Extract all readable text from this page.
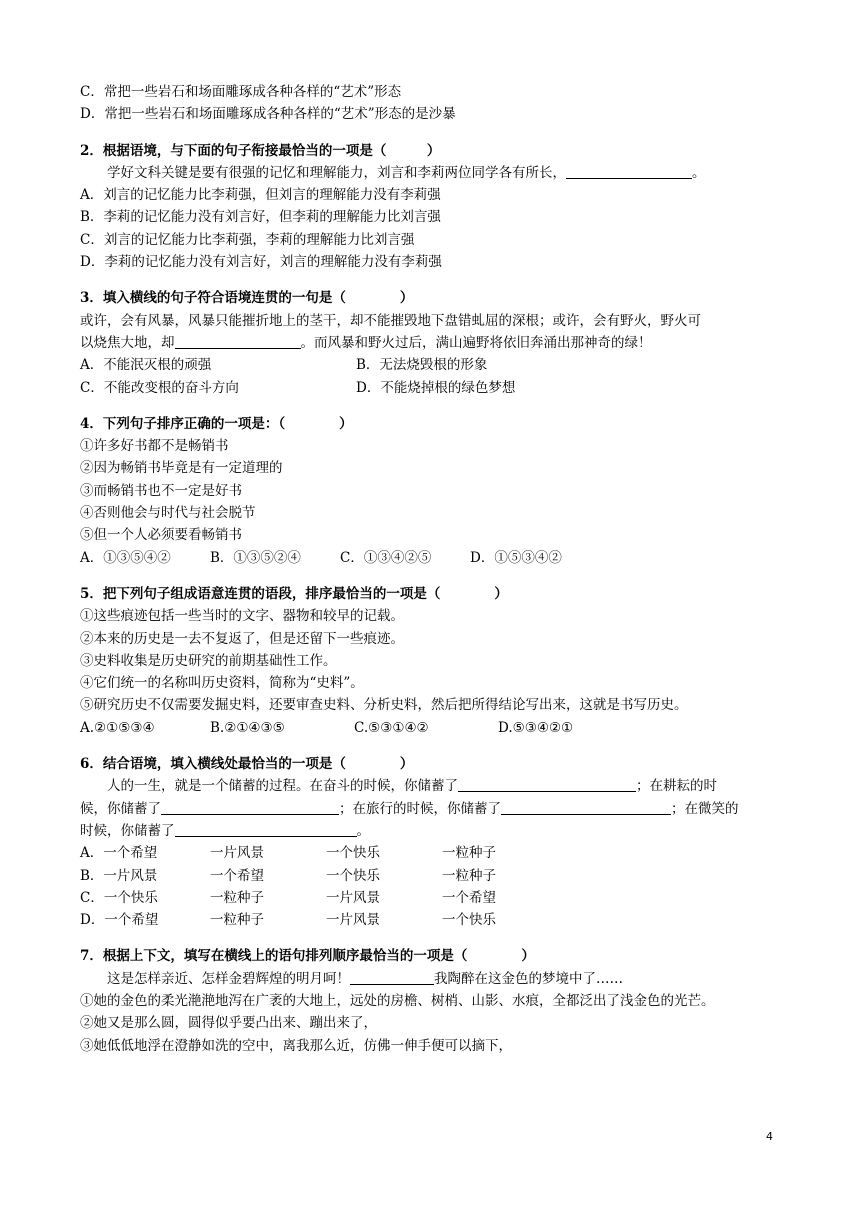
C．常把一些岩石和场面雕琢成各种各样的“艺术”形态
D．常把一些岩石和场面雕琢成各种各样的“艺术”形态的是沙暴
2．根据语境，与下面的句子衔接最恰当的一项是（　　　）
学好文科关键是要有很强的记忆和理解能力，刘言和李莉两位同学各有所长，	。
A．刘言的记忆能力比李莉强，但刘言的理解能力没有李莉强
B．李莉的记忆能力没有刘言好，但李莉的理解能力比刘言强
C．刘言的记忆能力比李莉强，李莉的理解能力比刘言强
D．李莉的记忆能力没有刘言好，刘言的理解能力没有李莉强
3．填入横线的句子符合语境连贯的一句是（　　　　）
或许，会有风暴，风暴只能摧折地上的茎干，却不能摧毁地下盘错虬屈的深根；或许，会有野火，野火可
以烧焦大地，却	。而风暴和野火过后，满山遍野将依旧奔涌出那神奇的绿！
A．不能泯灭根的顽强	B．无法烧毁根的形象
C．不能改变根的奋斗方向	D．不能烧掉根的绿色梦想
4．下列句子排序正确的一项是：（　　　　）
①许多好书都不是畅销书
②因为畅销书毕竟是有一定道理的
③而畅销书也不一定是好书
④否则他会与时代与社会脱节
⑤但一个人必须要看畅销书
A．①③⑤④②	B．①③⑤②④	C．①③④②⑤	D．①⑤③④②
5．把下列句子组成语意连贯的语段，排序最恰当的一项是（　　　　）
①这些痕迹包括一些当时的文字、器物和较早的记载。
②本来的历史是一去不复返了，但是还留下一些痕迹。
③史料收集是历史研究的前期基础性工作。
④它们统一的名称叫历史资料，简称为“史料”。
⑤研究历史不仅需要发掘史料，还要审查史料、分析史料，然后把所得结论写出来，这就是书写历史。
A.②①⑤③④	B.②①④③⑤	C.⑤③①④②	D.⑤③④②①
6．结合语境，填入横线处最恰当的一项是（　　　　）
人的一生，就是一个储蓄的过程。在奋斗的时候，你储蓄了	；在耕耘的时
候，你储蓄了	；在旅行的时候，你储蓄了	；在微笑的
时候，你储蓄了	。
A．一个希望	一片风景	一个快乐	一粒种子
B．一片风景	一个希望	一个快乐	一粒种子
C．一个快乐	一粒种子	一片风景	一个希望
D．一个希望	一粒种子	一片风景	一个快乐
7．根据上下文，填写在横线上的语句排列顺序最恰当的一项是（　　　　）
这是怎样亲近、怎样金碧辉煌的明月呵！	我陶醉在这金色的梦境中了……
①她的金色的柔光滟滟地泻在广袤的大地上，远处的房檐、树梢、山影、水痕，全都泛出了浅金色的光芒。
②她又是那么圆，圆得似乎要凸出来、蹦出来了，
③她低低地浮在澄静如洗的空中，离我那么近，仿佛一伸手便可以摘下，
4
